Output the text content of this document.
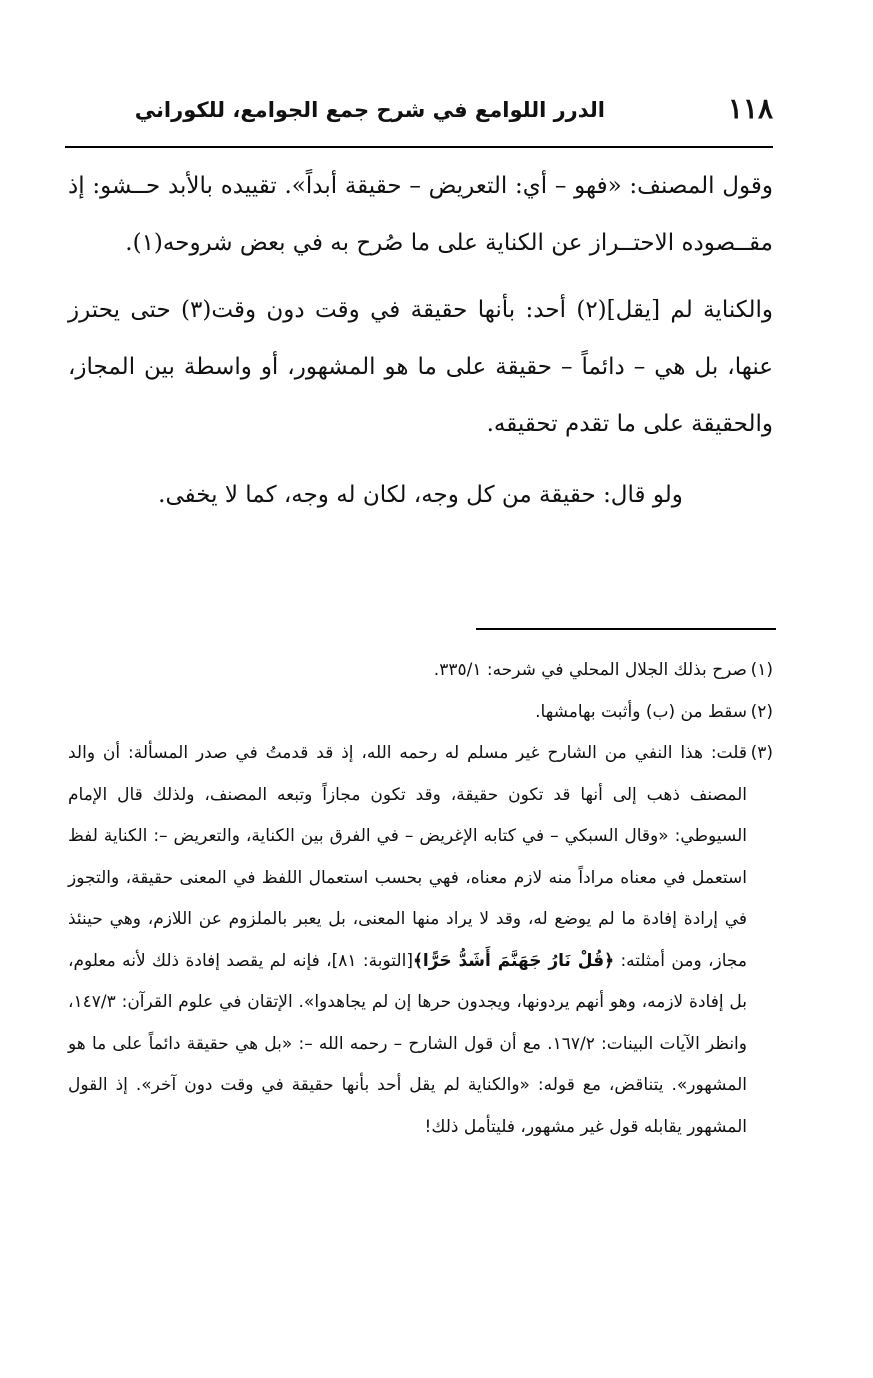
١١٨
الدرر اللوامع في شرح جمع الجوامع، للكوراني

وقول المصنف: «فهو – أي: التعريض – حقيقة أبداً». تقييده بالأبد حــشو: إذ مقــصوده الاحتــراز عن الكناية على ما صُرح به في بعض شروحه(١).

والكناية لم [يقل](٢) أحد: بأنها حقيقة في وقت دون وقت(٣) حتى يحترز عنها، بل هي – دائماً – حقيقة على ما هو المشهور، أو واسطة بين المجاز، والحقيقة على ما تقدم تحقيقه.

ولو قال: حقيقة من كل وجه، لكان له وجه، كما لا يخفى.

(١)
صرح بذلك الجلال المحلي في شرحه: ٣٣٥/١.
(٢)
سقط من (ب) وأثبت بهامشها.
(٣)

قلت: هذا النفي من الشارح غير مسلم له رحمه الله، إذ قد قدمتُ في صدر المسألة: أن والد المصنف ذهب إلى أنها قد تكون حقيقة، وقد تكون مجازاً وتبعه المصنف، ولذلك قال الإمام السيوطي: «وقال السبكي – في كتابه الإغريض – في الفرق بين الكناية، والتعريض –: الكناية لفظ استعمل في معناه مراداً منه لازم معناه، فهي بحسب استعمال اللفظ في المعنى حقيقة، والتجوز في إرادة إفادة ما لم يوضع له، وقد لا يراد منها المعنى، بل يعبر بالملزوم عن اللازم، وهي حينئذ مجاز، ومن أمثلته: ﴿قُلْ نَارُ جَهَنَّمَ أَشَدُّ حَرًّا﴾[التوبة: ٨١]، فإنه لم يقصد إفادة ذلك لأنه معلوم، بل إفادة لازمه، وهو أنهم يردونها، ويجدون حرها إن لم يجاهدوا». الإتقان في علوم القرآن: ١٤٧/٣، وانظر الآيات البينات: ١٦٧/٢. مع أن قول الشارح – رحمه الله –: «بل هي حقيقة دائماً على ما هو المشهور». يتناقض، مع قوله: «والكناية لم يقل أحد بأنها حقيقة في وقت دون آخر». إذ القول المشهور يقابله قول غير مشهور، فليتأمل ذلك!
